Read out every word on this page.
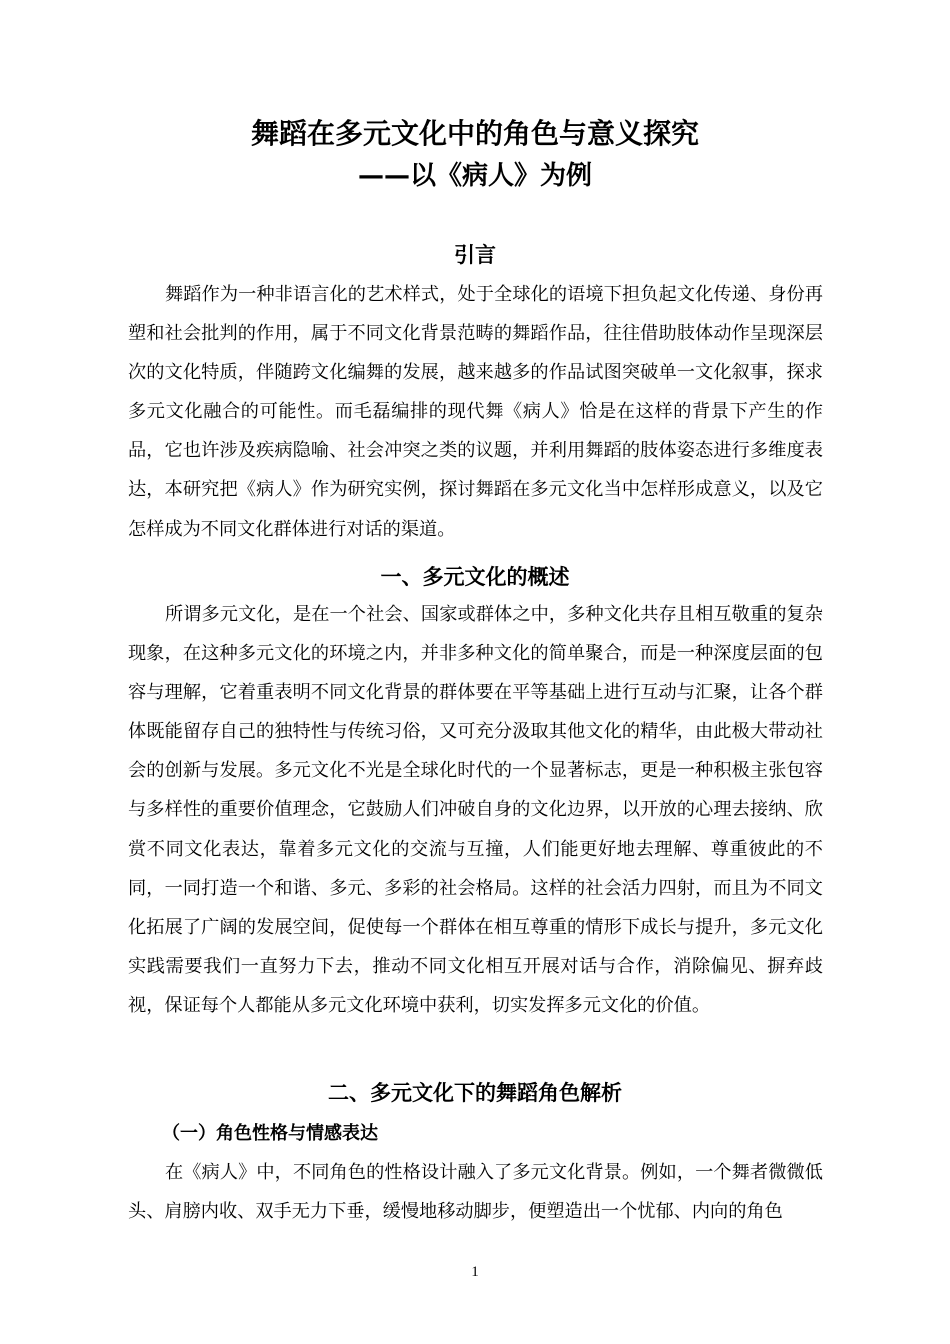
舞蹈在多元文化中的角色与意义探究
——以《病人》为例
引言

舞蹈作为一种非语言化的艺术样式，处于全球化的语境下担负起文化传递、身份再塑和社会批判的作用，属于不同文化背景范畴的舞蹈作品，往往借助肢体动作呈现深层次的文化特质，伴随跨文化编舞的发展，越来越多的作品试图突破单一文化叙事，探求多元文化融合的可能性。而毛磊编排的现代舞《病人》恰是在这样的背景下产生的作品，它也许涉及疾病隐喻、社会冲突之类的议题，并利用舞蹈的肢体姿态进行多维度表达，本研究把《病人》作为研究实例，探讨舞蹈在多元文化当中怎样形成意义，以及它怎样成为不同文化群体进行对话的渠道。

一、多元文化的概述

所谓多元文化，是在一个社会、国家或群体之中，多种文化共存且相互敬重的复杂现象，在这种多元文化的环境之内，并非多种文化的简单聚合，而是一种深度层面的包容与理解，它着重表明不同文化背景的群体要在平等基础上进行互动与汇聚，让各个群体既能留存自己的独特性与传统习俗，又可充分汲取其他文化的精华，由此极大带动社会的创新与发展。多元文化不光是全球化时代的一个显著标志，更是一种积极主张包容与多样性的重要价值理念，它鼓励人们冲破自身的文化边界，以开放的心理去接纳、欣赏不同文化表达，靠着多元文化的交流与互撞，人们能更好地去理解、尊重彼此的不同，一同打造一个和谐、多元、多彩的社会格局。这样的社会活力四射，而且为不同文化拓展了广阔的发展空间，促使每一个群体在相互尊重的情形下成长与提升，多元文化实践需要我们一直努力下去，推动不同文化相互开展对话与合作，消除偏见、摒弃歧视，保证每个人都能从多元文化环境中获利，切实发挥多元文化的价值。

二、多元文化下的舞蹈角色解析
（一）角色性格与情感表达

在《病人》中，不同角色的性格设计融入了多元文化背景。例如，一个舞者微微低头、肩膀内收、双手无力下垂，缓慢地移动脚步，便塑造出一个忧郁、内向的角色

1
